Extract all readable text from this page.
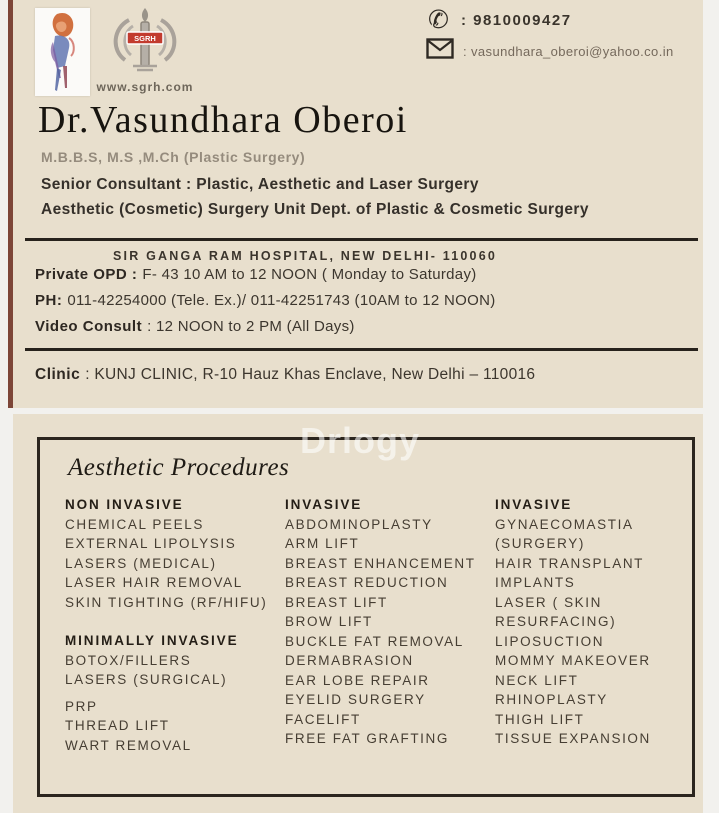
SGRH
www.sgrh.com
✆ : 9810009427
: vasundhara_oberoi@yahoo.co.in
Dr.Vasundhara Oberoi
M.B.B.S, M.S ,M.Ch (Plastic Surgery)
Senior Consultant : Plastic, Aesthetic and Laser Surgery
Aesthetic (Cosmetic) Surgery Unit Dept. of Plastic & Cosmetic Surgery
SIR GANGA RAM HOSPITAL, NEW DELHI- 110060
Private OPD : F- 43 10 AM to 12 NOON ( Monday to Saturday)
PH: 011-42254000 (Tele. Ex.)/ 011-42251743 (10AM to 12 NOON)
Video Consult : 12 NOON to 2 PM (All Days)
Clinic : KUNJ CLINIC, R-10 Hauz Khas Enclave, New Delhi – 110016
Drlogy
Aesthetic Procedures
NON INVASIVE
CHEMICAL PEELS
EXTERNAL LIPOLYSIS
LASERS (MEDICAL)
LASER HAIR REMOVAL
SKIN TIGHTING (RF/HIFU)
MINIMALLY INVASIVE
BOTOX/FILLERS
LASERS (SURGICAL)
PRP
THREAD LIFT
WART REMOVAL
INVASIVE
ABDOMINOPLASTY
ARM LIFT
BREAST ENHANCEMENT
BREAST REDUCTION
BREAST LIFT
BROW LIFT
BUCKLE FAT REMOVAL
DERMABRASION
EAR LOBE REPAIR
EYELID SURGERY
FACELIFT
FREE FAT GRAFTING
INVASIVE
GYNAECOMASTIA
(SURGERY)
HAIR TRANSPLANT
IMPLANTS
LASER ( SKIN
RESURFACING)
LIPOSUCTION
MOMMY MAKEOVER
NECK LIFT
RHINOPLASTY
THIGH LIFT
TISSUE EXPANSION
